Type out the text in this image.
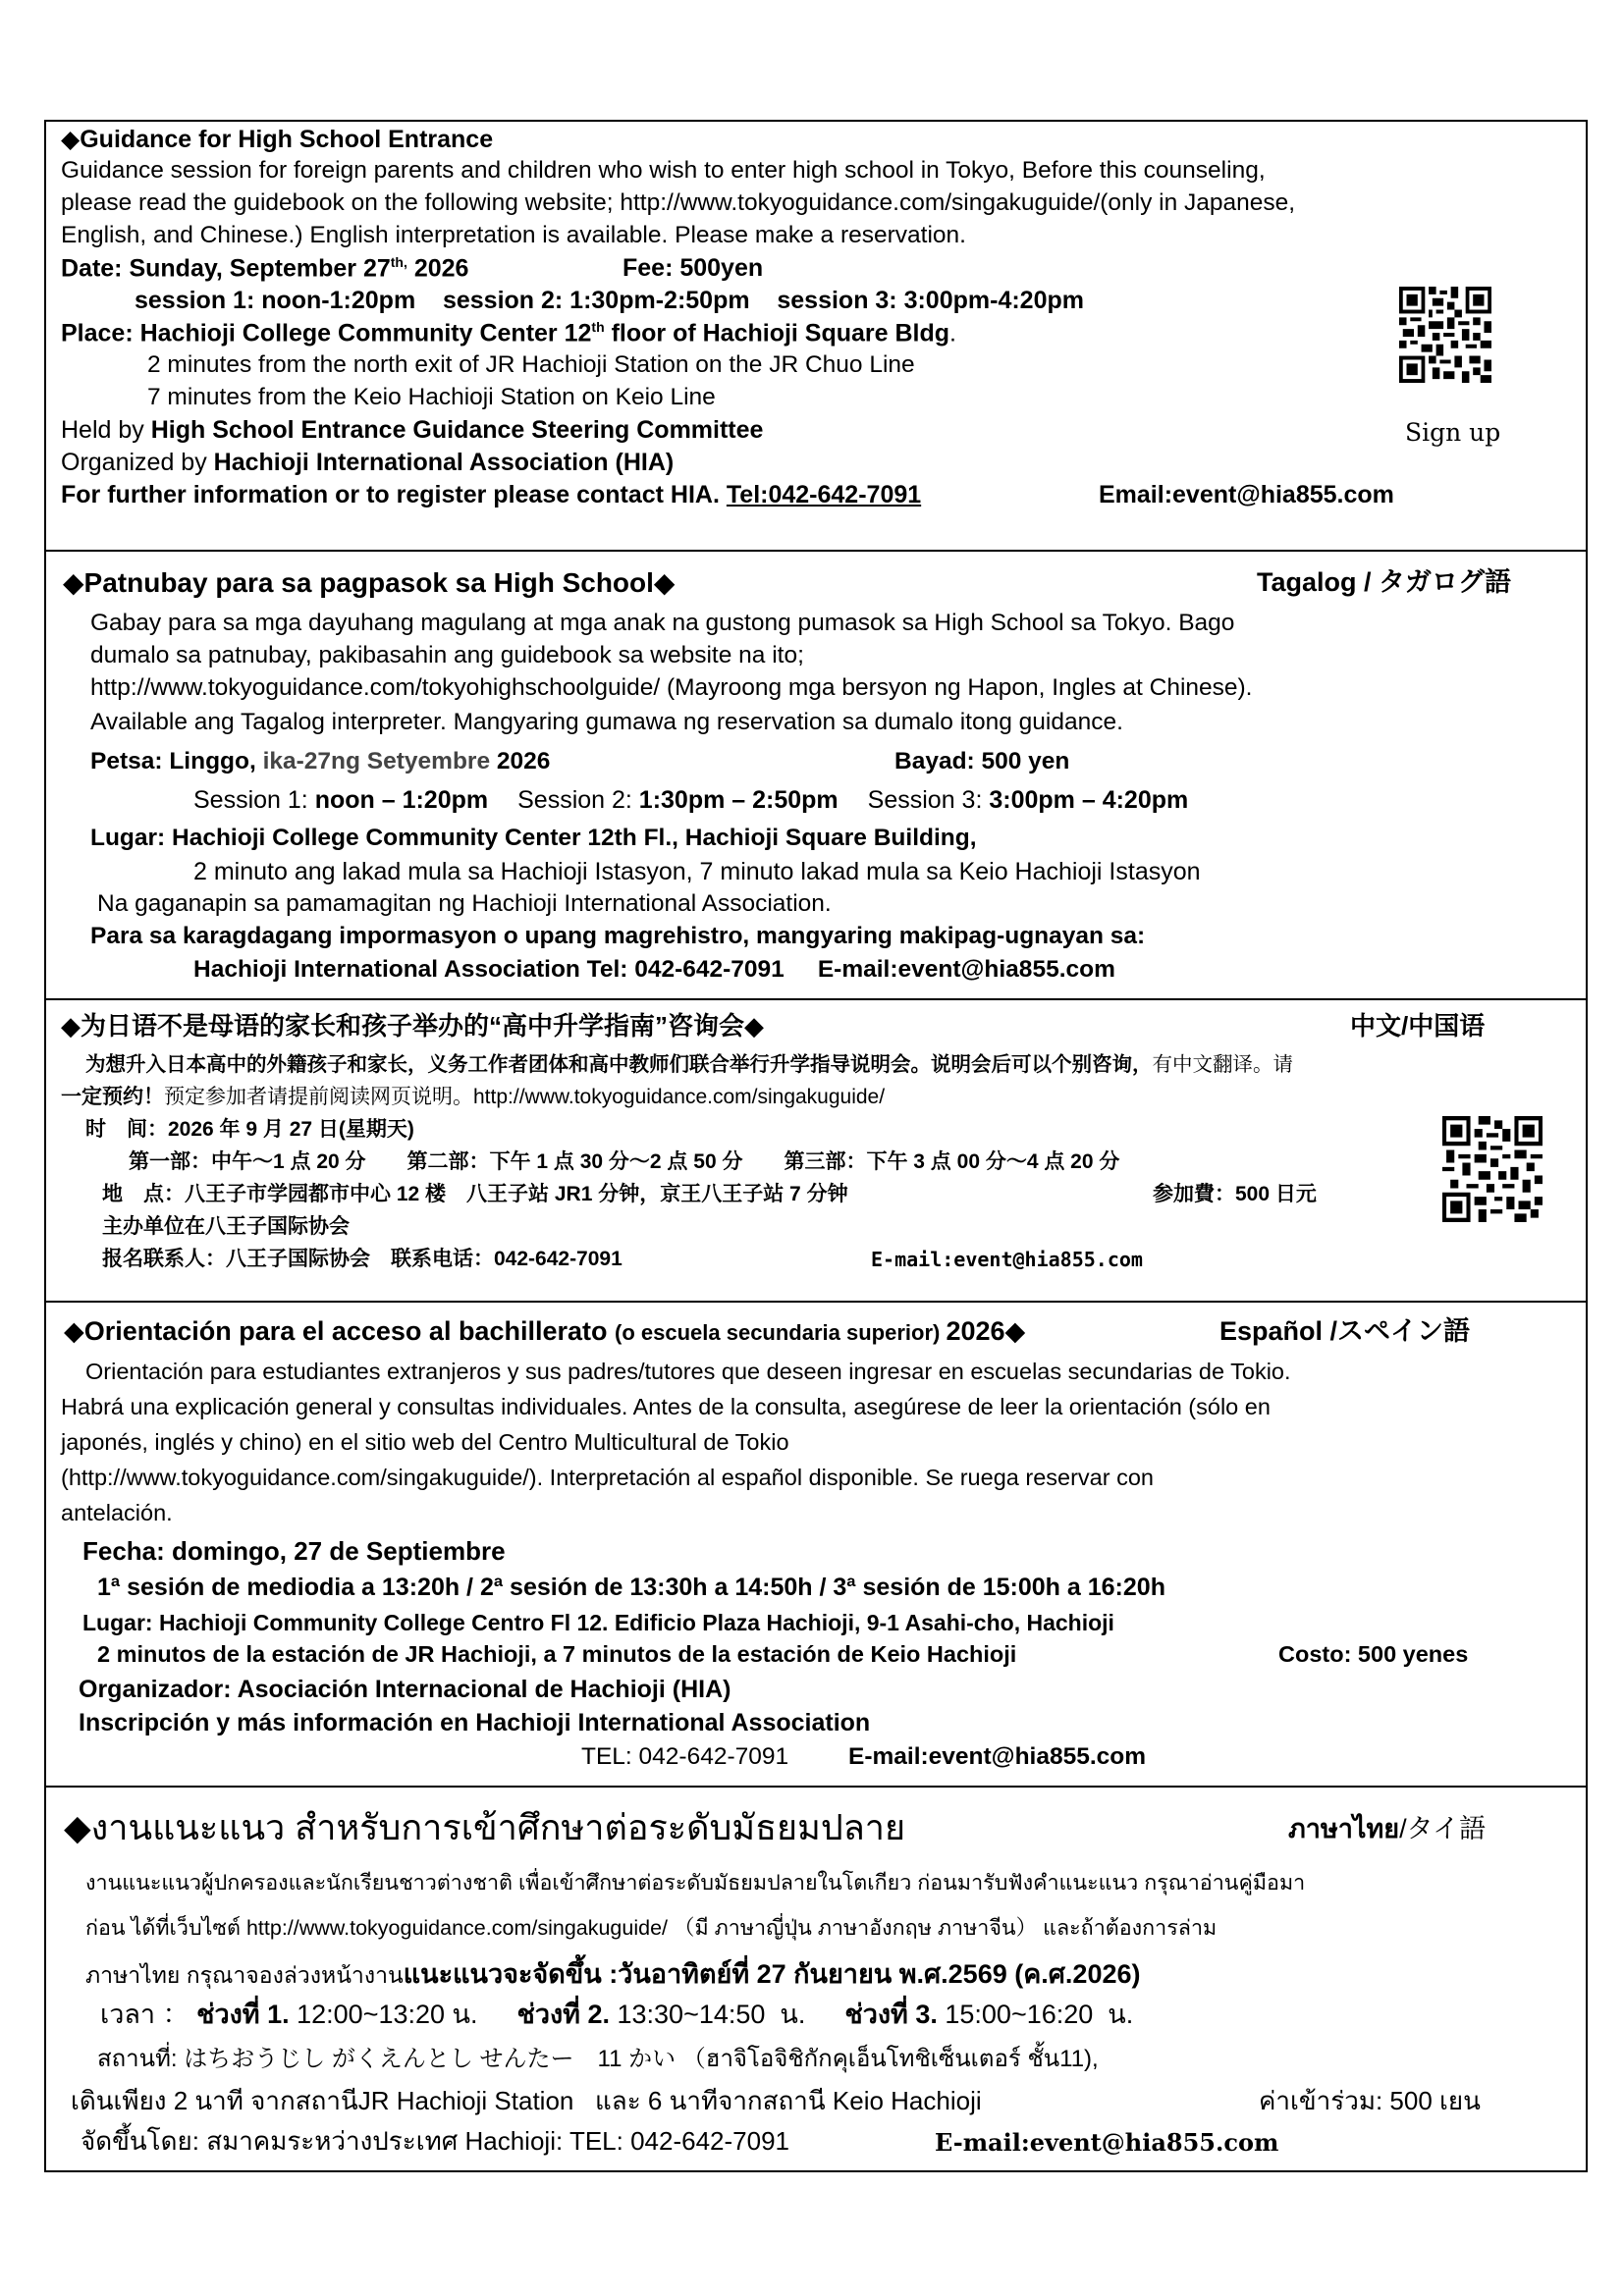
◆Guidance for High School Entrance
Guidance session for foreign parents and children who wish to enter high school in Tokyo, Before this counseling,
please read the guidebook on the following website; http://www.tokyoguidance.com/singakuguide/(only in Japanese,
English, and Chinese.) English interpretation is available. Please make a reservation.
Date: Sunday, September $27^{th,}$ 2026	Fee: 500yen
session 1: noon-1:20pm    session 2: 1:30pm-2:50pm    session 3: 3:00pm-4:20pm
Place: Hachioji College Community Center 12th floor of Hachioji Square Bldg.
2 minutes from the north exit of JR Hachioji Station on the JR Chuo Line
7 minutes from the Keio Hachioji Station on Keio Line
Held by High School Entrance Guidance Steering Committee
Organized by Hachioji International Association (HIA)
For further information or to register please contact HIA. Tel:042-642-7091	Email:event@hia855.com
Sign up
◆Patnubay para sa pagpasok sa High School◆	Tagalog / タガログ語
Gabay para sa mga dayuhang magulang at mga anak na gustong pumasok sa High School sa Tokyo. Bago
dumalo sa patnubay, pakibasahin ang guidebook sa website na ito;
http://www.tokyoguidance.com/tokyohighschoolguide/ (Mayroong mga bersyon ng Hapon, Ingles at Chinese).
Available ang Tagalog interpreter. Mangyaring gumawa ng reservation sa dumalo itong guidance.
Petsa: Linggo, ika-27ng Setyembre 2026	Bayad: 500 yen
Session 1: noon – 1:20pm Session 2: 1:30pm – 2:50pm Session 3: 3:00pm – 4:20pm
Lugar: Hachioji College Community Center 12th Fl., Hachioji Square Building,
2 minuto ang lakad mula sa Hachioji Istasyon, 7 minuto lakad mula sa Keio Hachioji Istasyon
Na gaganapin sa pamamagitan ng Hachioji International Association.
Para sa karagdagang impormasyon o upang magrehistro, mangyaring makipag-ugnayan sa:
Hachioji International Association Tel: 042-642-7091     E-mail:event@hia855.com
◆为日语不是母语的家长和孩子举办的“高中升学指南”咨询会◆	中文/中国语
为想升入日本高中的外籍孩子和家长，义务工作者团体和高中教师们联合举行升学指导说明会。说明会后可以个别咨询，有中文翻译。请
一定预约！预定参加者请提前阅读网页说明。http://www.tokyoguidance.com/singakuguide/
时　间：2026 年 9 月 27 日(星期天)
第一部：中午～1 点 20 分　　第二部：下午 1 点 30 分～2 点 50 分　　第三部：下午 3 点 00 分～4 点 20 分
地　点：八王子市学园都市中心 12 楼　八王子站 JR1 分钟，京王八王子站 7 分钟	参加費：500 日元
主办单位在八王子国际协会
报名联系人：八王子国际协会　联系电话：042-642-7091	E-mail:event@hia855.com
◆Orientación para el acceso al bachillerato (o escuela secundaria superior) 2026◆	Español /スペイン語
Orientación para estudiantes extranjeros y sus padres/tutores que deseen ingresar en escuelas secundarias de Tokio.
Habrá una explicación general y consultas individuales. Antes de la consulta, asegúrese de leer la orientación (sólo en
japonés, inglés y chino) en el sitio web del Centro Multicultural de Tokio
(http://www.tokyoguidance.com/singakuguide/). Interpretación al español disponible. Se ruega reservar con
antelación.
Fecha: domingo, 27 de Septiembre
1ª sesión de mediodia a 13:20h / 2ª sesión de 13:30h a 14:50h / 3ª sesión de 15:00h a 16:20h
Lugar: Hachioji Community College Centro Fl 12. Edificio Plaza Hachioji, 9-1 Asahi-cho, Hachioji
2 minutos de la estación de JR Hachioji, a 7 minutos de la estación de Keio Hachioji	Costo: 500 yenes
Organizador: Asociación Internacional de Hachioji (HIA)
Inscripción y más información en Hachioji International Association
TEL: 042-642-7091 E-mail:event@hia855.com
◆งานแนะแนว สำหรับการเข้าศึกษาต่อระดับมัธยมปลาย	ภาษาไทย/タイ語
งานแนะแนวผู้ปกครองและนักเรียนชาวต่างชาติ เพื่อเข้าศึกษาต่อระดับมัธยมปลายในโตเกียว ก่อนมารับฟังคำแนะแนว กรุณาอ่านคู่มือมา
ก่อน ได้ที่เว็บไซต์ http://www.tokyoguidance.com/singakuguide/ （มี ภาษาญี่ปุ่น ภาษาอังกฤษ ภาษาจีน） และถ้าต้องการล่าม
ภาษาไทย กรุณาจองล่วงหน้างานแนะแนวจะจัดขึ้น :วันอาทิตย์ที่ 27 กันยายน พ.ศ.2569 (ค.ศ.2026)
เวลา ： ช่วงที่ 1. 12:00~13:20 น. ช่วงที่ 2. 13:30~14:50  น. ช่วงที่ 3. 15:00~16:20  น.
สถานที่: はちおうじし がくえんとし せんたー　11 かい （ฮาจิโอจิชิกักคุเอ็นโทชิเซ็นเตอร์ ชั้น11),
เดินเพียง 2 นาที จากสถานีJR Hachioji Station   และ 6 นาทีจากสถานี Keio Hachioji	ค่าเข้าร่วม: 500 เยน
จัดขึ้นโดย: สมาคมระหว่างประเทศ Hachioji: TEL: 042-642-7091	E-mail:event@hia855.com
